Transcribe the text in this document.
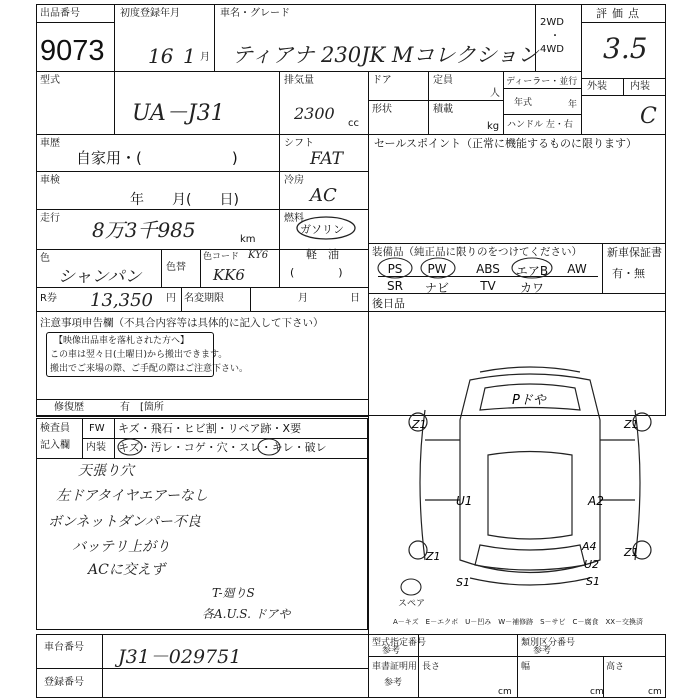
出品番号
9073
初度登録年月
16 1 月
車名・グレード
ティアナ 230JK Mコレクション
2WD
・
4WD
評価点
3.5
型式
UA－J31
排気量
2300
cc
ドア	定員
人
形状	積載
kg
ディーラー・並行
年式	年
ハンドル 左・右
外装 内装
C
車歴
自家用・(　　　　　　)
シフト
FAT
車検
年　　月(　　日)
冷房
AC
走行 8万3千985	km
燃料
ガソリン
軽　油
(　　　　)
色
シャンパン 色替
色コード KY6
KK6
R券 13,350 円 名変期限	月	日
注意事項申告欄（不具合内容等は具体的に記入して下さい）
【映像出品車を落札された方へ】
この車は翌々日(土曜日)から搬出できます。
搬出でご来場の際、ご手配の際はご注意下さい。
修復歴	有　[箇所
検査員
記入欄
FW キズ・飛石・ヒビ割・リペア跡・X要
内装 キズ・汚レ・コゲ・穴・スレ・キレ・破レ
天張り穴
左ドアタイヤエアーなし
ボンネットダンパー不良
バッテリ上がり
ACに交えず
T-廻りS
各A.U.S. ドアや
セールスポイント（正常に機能するものに限ります）
装備品（純正品に限りのをつけてください） 新車保証書
有・無
PS	PW	ABS	エアB	AW
SR	ナビ	TV	カワ
後日品
Pドや
Z1	Z1
Z1	Z1
U1	A2
A4
U2
S1	S1
スペア
A－キズ　E－エクボ　U－凹み　W－補修跡　S－サビ　C－腐食　XX－交換済
車台番号 J31－029751
登録番号
型式指定番号
参考
類別区分番号
参考
車書証明用
参考
長さ
cm
幅
cm
高さ
cm
